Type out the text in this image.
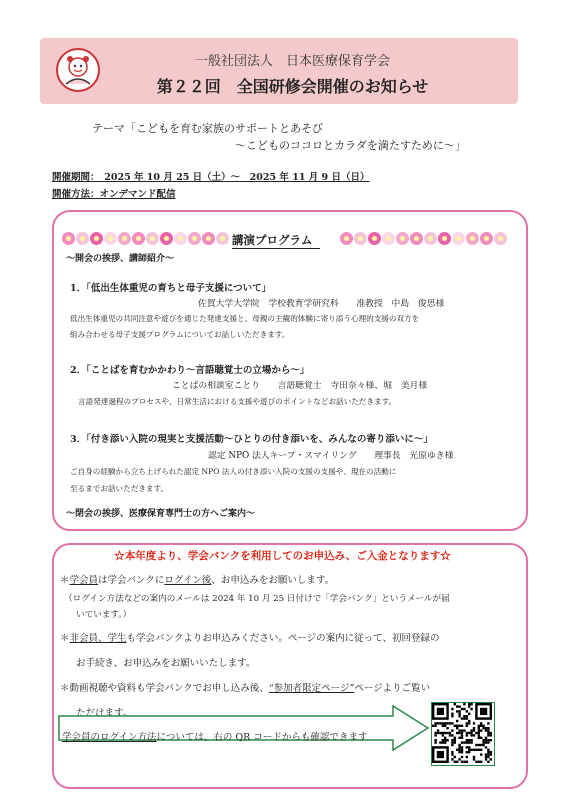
一般社団法人　日本医療保育学会
第２２回　全国研修会開催のお知らせ
テーマ「こどもを育む家族のサポートとあそび
～こどものココロとカラダを満たすために～」
開催期間：　2025 年 10 月 25 日（土）～　2025 年 11 月 9 日（日）
開催方法：オンデマンド配信
講演プログラム
～開会の挨拶、講師紹介～
1．「低出生体重児の育ちと母子支援について」
佐賀大学大学院　学校教育学研究科　　准教授　中島　俊思様
低出生体重児の共同注意や遊びを通じた発達支援と、母親の主観的体験に寄り添う心理的支援の双方を
組み合わせる母子支援プログラムについてお話しいただきます。
2．「ことばを育むかかわり～言語聴覚士の立場から～」
ことばの相談室ことり　　言語聴覚士　寺田奈々様、堀　美月様
言語発達過程のプロセスや、日常生活における支援や遊びのポイントなどお話いただきます。
3．「付き添い入院の現実と支援活動～ひとりの付き添いを、みんなの寄り添いに～」
認定 NPO 法人キープ・スマイリング　　理事長　光原ゆき様
ご自身の経験から立ち上げられた認定 NPO 法人の付き添い入院の支援の支援や、現在の活動に
至るまでお話いただきます。
～閉会の挨拶、医療保育専門士の方へご案内～
☆本年度より、学会バンクを利用してのお申込み、ご入金となります☆
＊学会員は学会バンクにログイン後、お申込みをお願いします。
（ログイン方法などの案内のメールは 2024 年 10 月 25 日付けで「学会バンク」というメールが届
いています。）
＊非会員、学生も学会バンクよりお申込みください。ページの案内に従って、初回登録の
お手続き、お申込みをお願いいたします。
＊動画視聴や資料も学会バンクでお申し込み後、“参加者限定ページ”ページよりご覧い
ただけます。
学会員のログイン方法については、右の QR コードからも確認できます
